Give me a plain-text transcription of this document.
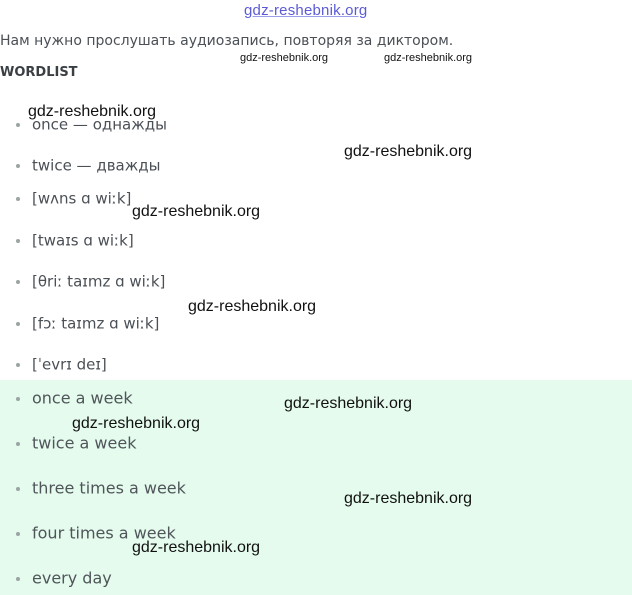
gdz-reshebnik.org
Нам нужно прослушать аудиозапись, повторяя за диктором.
WORDLIST
gdz-reshebnik.org	gdz-reshebnik.org
once — однажды
twice — дважды
[wʌns ɑ wiːk]
[twaɪs ɑ wiːk]
[θriː taɪmz ɑ wiːk]
[fɔː taɪmz ɑ wiːk]
[ˈevrɪ deɪ]
once a week
twice a week
three times a week
four times a week
every day
gdz-reshebnik.org
gdz-reshebnik.org
gdz-reshebnik.org
gdz-reshebnik.org
gdz-reshebnik.org
gdz-reshebnik.org
gdz-reshebnik.org
gdz-reshebnik.org
